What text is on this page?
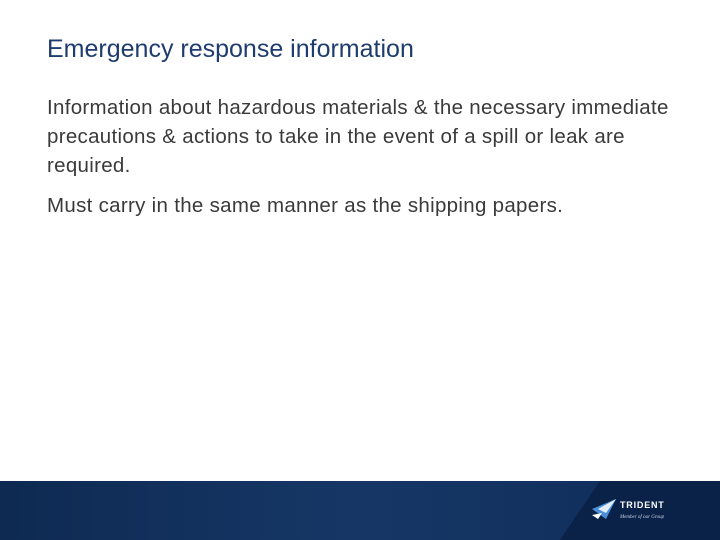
Emergency response information

Information about hazardous materials & the necessary immediate precautions & actions to take in the event of a spill or leak are required.

Must carry in the same manner as the shipping papers.

TRIDENT
Member of our Group
